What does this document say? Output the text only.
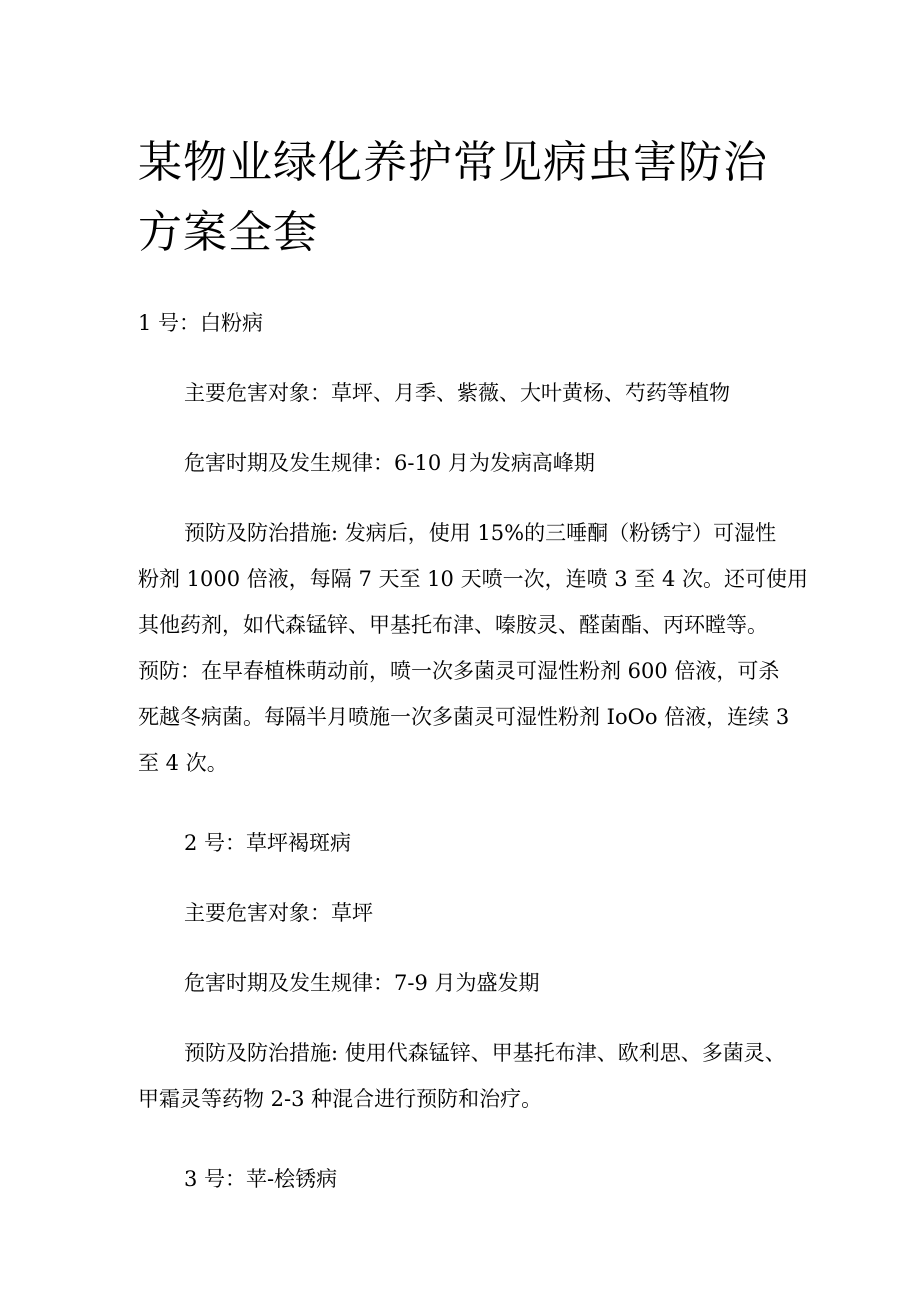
某物业绿化养护常见病虫害防治方案全套

1 号：白粉病

主要危害对象：草坪、月季、紫薇、大叶黄杨、芍药等植物

危害时期及发生规律：6-10 月为发病高峰期

预防及防治措施: 发病后，使用 15%的三唾酮（粉锈宁）可湿性

粉剂 1000 倍液，每隔 7 天至 10 天喷一次，连喷 3 至 4 次。还可使用

其他药剂，如代森锰锌、甲基托布津、嗪胺灵、醛菌酯、丙环瞠等。

预防：在早春植株萌动前，喷一次多菌灵可湿性粉剂 600 倍液，可杀

死越冬病菌。每隔半月喷施一次多菌灵可湿性粉剂 IoOo 倍液，连续 3

至 4 次。

2 号：草坪褐斑病

主要危害对象：草坪

危害时期及发生规律：7-9 月为盛发期

预防及防治措施: 使用代森锰锌、甲基托布津、欧利思、多菌灵、

甲霜灵等药物 2-3 种混合进行预防和治疗。

3 号：苹-桧锈病
